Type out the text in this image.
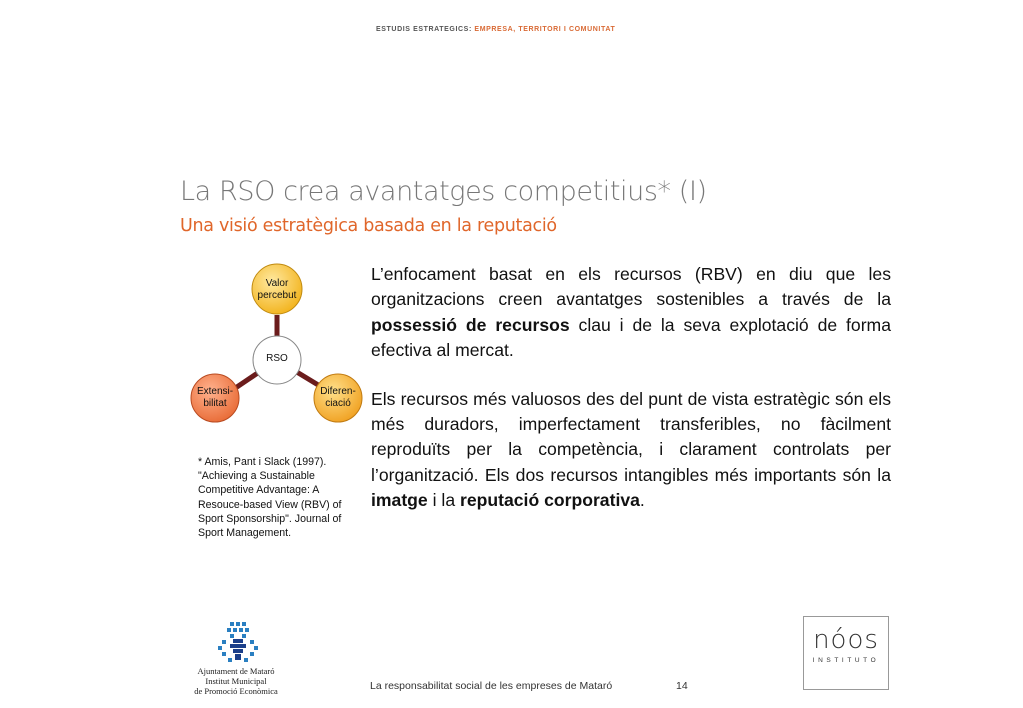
ESTUDIS ESTRATEGICS: EMPRESA, TERRITORI I COMUNITAT
La RSO crea avantatges competitius* (I)
Una visió estratègica basada en la reputació
RSO
Valor
percebut
Extensi-
bilitat
Diferen-
ciació
* Amis, Pant i Slack (1997). "Achieving a Sustainable Competitive Advantage: A Resouce-based View (RBV) of Sport Sponsorship". Journal of Sport Management.

L’enfocament basat en els recursos (RBV) en diu que les organitzacions creen avantatges sostenibles a través de la possessió de recursos clau i de la seva explotació de forma efectiva al mercat.

Els recursos més valuosos des del punt de vista estratègic són els més duradors, imperfectament transferibles, no fàcilment reproduïts per la competència, i clarament controlats per l’organització. Els dos recursos intangibles més importants són la imatge i la reputació corporativa.

Ajuntament de Mataró
Institut Municipal
de Promoció Econòmica	La responsabilitat social de les empreses de Mataró	14
nóos
INSTITUTO
